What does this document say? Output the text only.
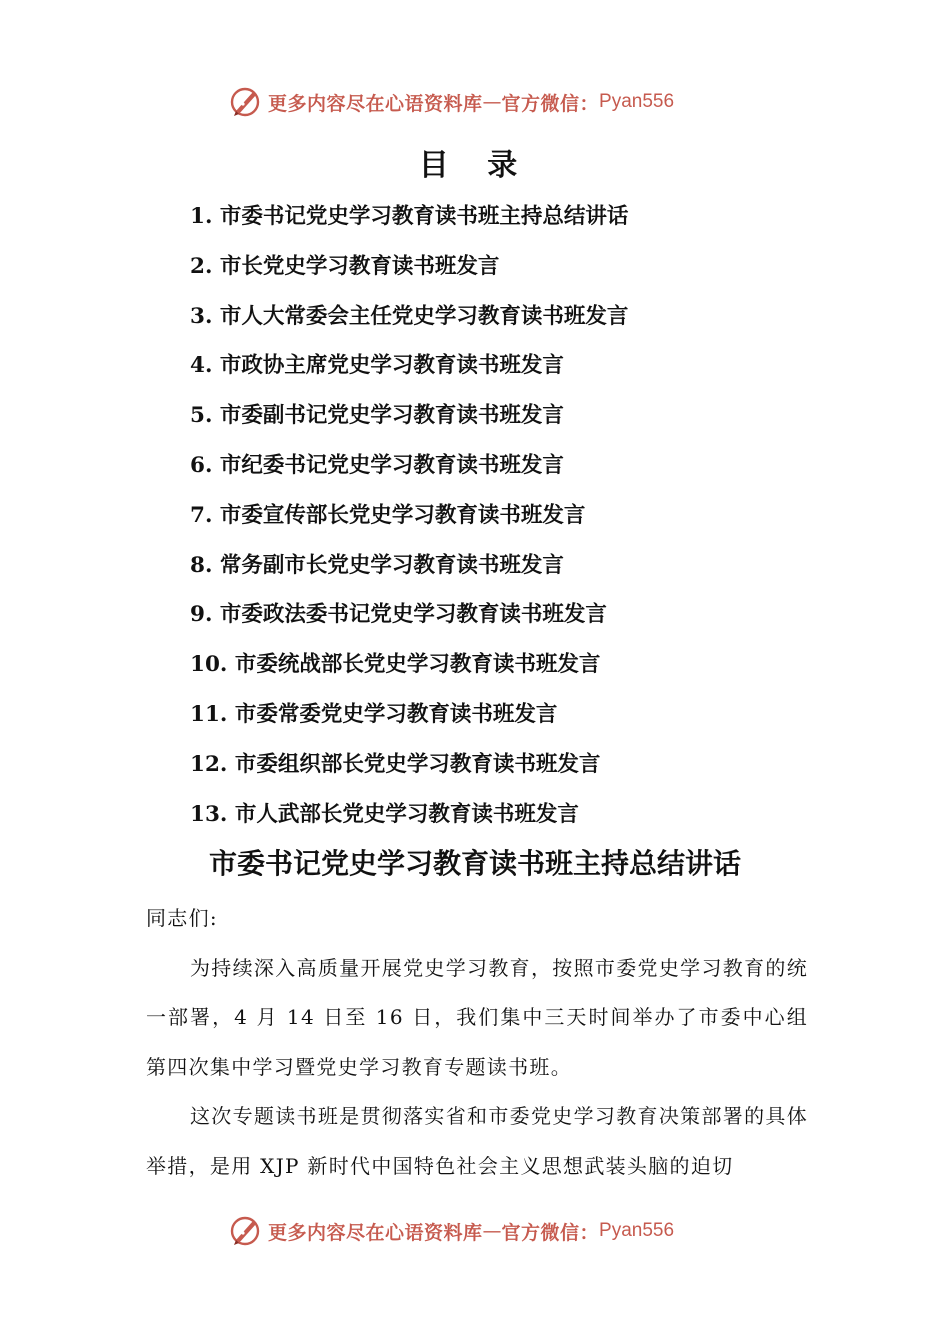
更多内容尽在心语资料库 — 官方微信： Pyan556
目 录
1. 市委书记党史学习教育读书班主持总结讲话
2. 市长党史学习教育读书班发言
3. 市人大常委会主任党史学习教育读书班发言
4. 市政协主席党史学习教育读书班发言
5. 市委副书记党史学习教育读书班发言
6. 市纪委书记党史学习教育读书班发言
7. 市委宣传部长党史学习教育读书班发言
8. 常务副市长党史学习教育读书班发言
9. 市委政法委书记党史学习教育读书班发言
10. 市委统战部长党史学习教育读书班发言
11. 市委常委党史学习教育读书班发言
12. 市委组织部长党史学习教育读书班发言
13. 市人武部长党史学习教育读书班发言
市委书记党史学习教育读书班主持总结讲话

同志们:

为持续深入高质量开展党史学习教育，按照市委党史学习教育的统一部署，4 月 14 日至 16 日，我们集中三天时间举办了市委中心组第四次集中学习暨党史学习教育专题读书班。

这次专题读书班是贯彻落实省和市委党史学习教育决策部署的具体举措，是用 XJP 新时代中国特色社会主义思想武装头脑的迫切

更多内容尽在心语资料库 — 官方微信： Pyan556
